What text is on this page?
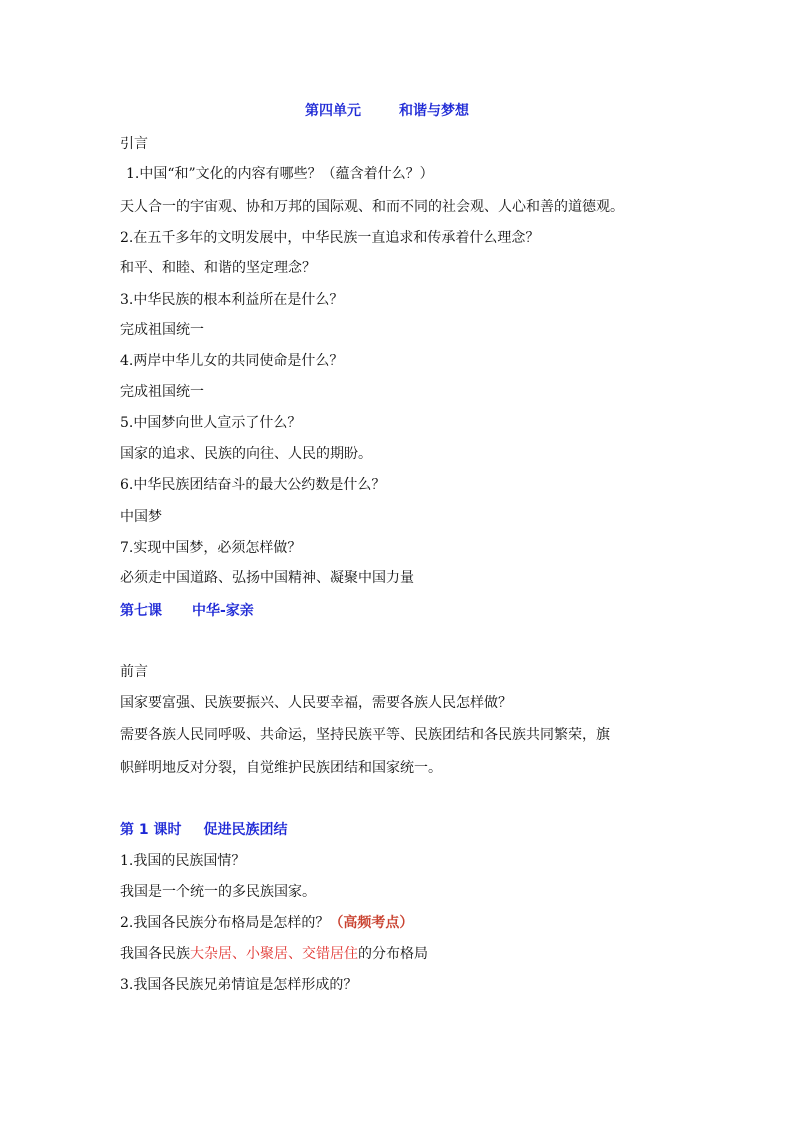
第四单元	和谐与梦想
引言
1.中国“和”文化的内容有哪些？（蕴含着什么？）
天人合一的宇宙观、协和万邦的国际观、和而不同的社会观、人心和善的道德观。
2.在五千多年的文明发展中，中华民族一直追求和传承着什么理念？
和平、和睦、和谐的坚定理念？
3.中华民族的根本利益所在是什么？
完成祖国统一
4.两岸中华儿女的共同使命是什么？
完成祖国统一
5.中国梦向世人宣示了什么？
国家的追求、民族的向往、人民的期盼。
6.中华民族团结奋斗的最大公约数是什么？
中国梦
7.实现中国梦，必须怎样做？
必须走中国道路、弘扬中国精神、凝聚中国力量
第七课 中华-家亲
前言
国家要富强、民族要振兴、人民要幸福，需要各族人民怎样做？
需要各族人民同呼吸、共命运，坚持民族平等、民族团结和各民族共同繁荣，旗
帜鲜明地反对分裂，自觉维护民族团结和国家统一。
第 1 课时 促进民族团结
1.我国的民族国情？
我国是一个统一的多民族国家。
2.我国各民族分布格局是怎样的？（高频考点）
我国各民族大杂居、小聚居、交错居住的分布格局
3.我国各民族兄弟情谊是怎样形成的？
